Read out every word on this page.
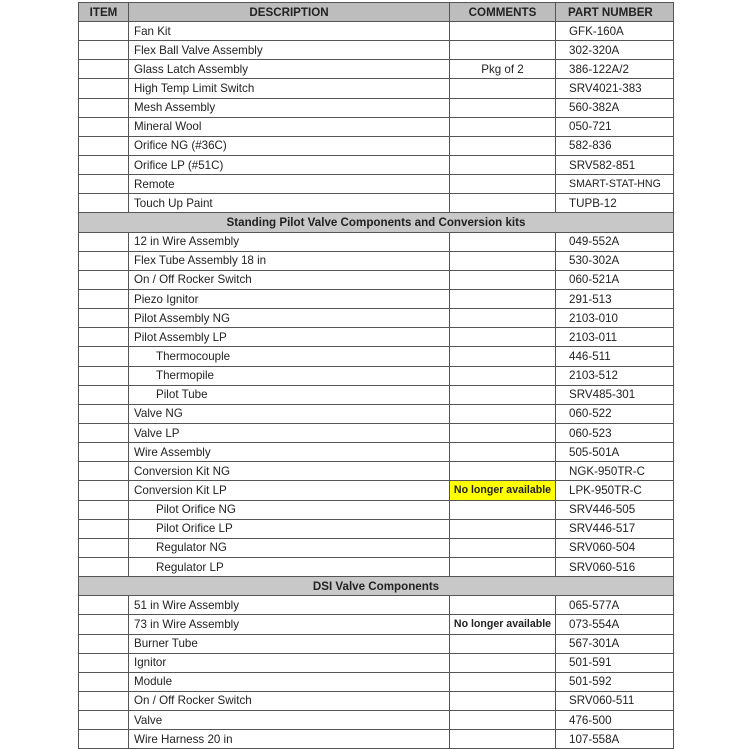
ITEM	DESCRIPTION	COMMENTS	PART NUMBER
	Fan Kit		GFK-160A
	Flex Ball Valve Assembly		302-320A
	Glass Latch Assembly	Pkg of 2	386-122A/2
	High Temp Limit Switch		SRV4021-383
	Mesh Assembly		560-382A
	Mineral Wool		050-721
	Orifice NG (#36C)		582-836
	Orifice LP (#51C)		SRV582-851
	Remote		SMART-STAT-HNG
	Touch Up Paint		TUPB-12
Standing Pilot Valve Components and Conversion kits			
	12 in Wire Assembly		049-552A
	Flex Tube Assembly 18 in		530-302A
	On / Off Rocker Switch		060-521A
	Piezo Ignitor		291-513
	Pilot Assembly NG		2103-010
	Pilot Assembly LP		2103-011
	Thermocouple		446-511
	Thermopile		2103-512
	Pilot Tube		SRV485-301
	Valve NG		060-522
	Valve LP		060-523
	Wire Assembly		505-501A
	Conversion Kit NG		NGK-950TR-C
	Conversion Kit LP	No longer available	LPK-950TR-C
	Pilot Orifice NG		SRV446-505
	Pilot Orifice LP		SRV446-517
	Regulator NG		SRV060-504
	Regulator LP		SRV060-516
DSI Valve Components			
	51 in Wire Assembly		065-577A
	73 in Wire Assembly	No longer available	073-554A
	Burner Tube		567-301A
	Ignitor		501-591
	Module		501-592
	On / Off Rocker Switch		SRV060-511
	Valve		476-500
	Wire Harness 20 in		107-558A
